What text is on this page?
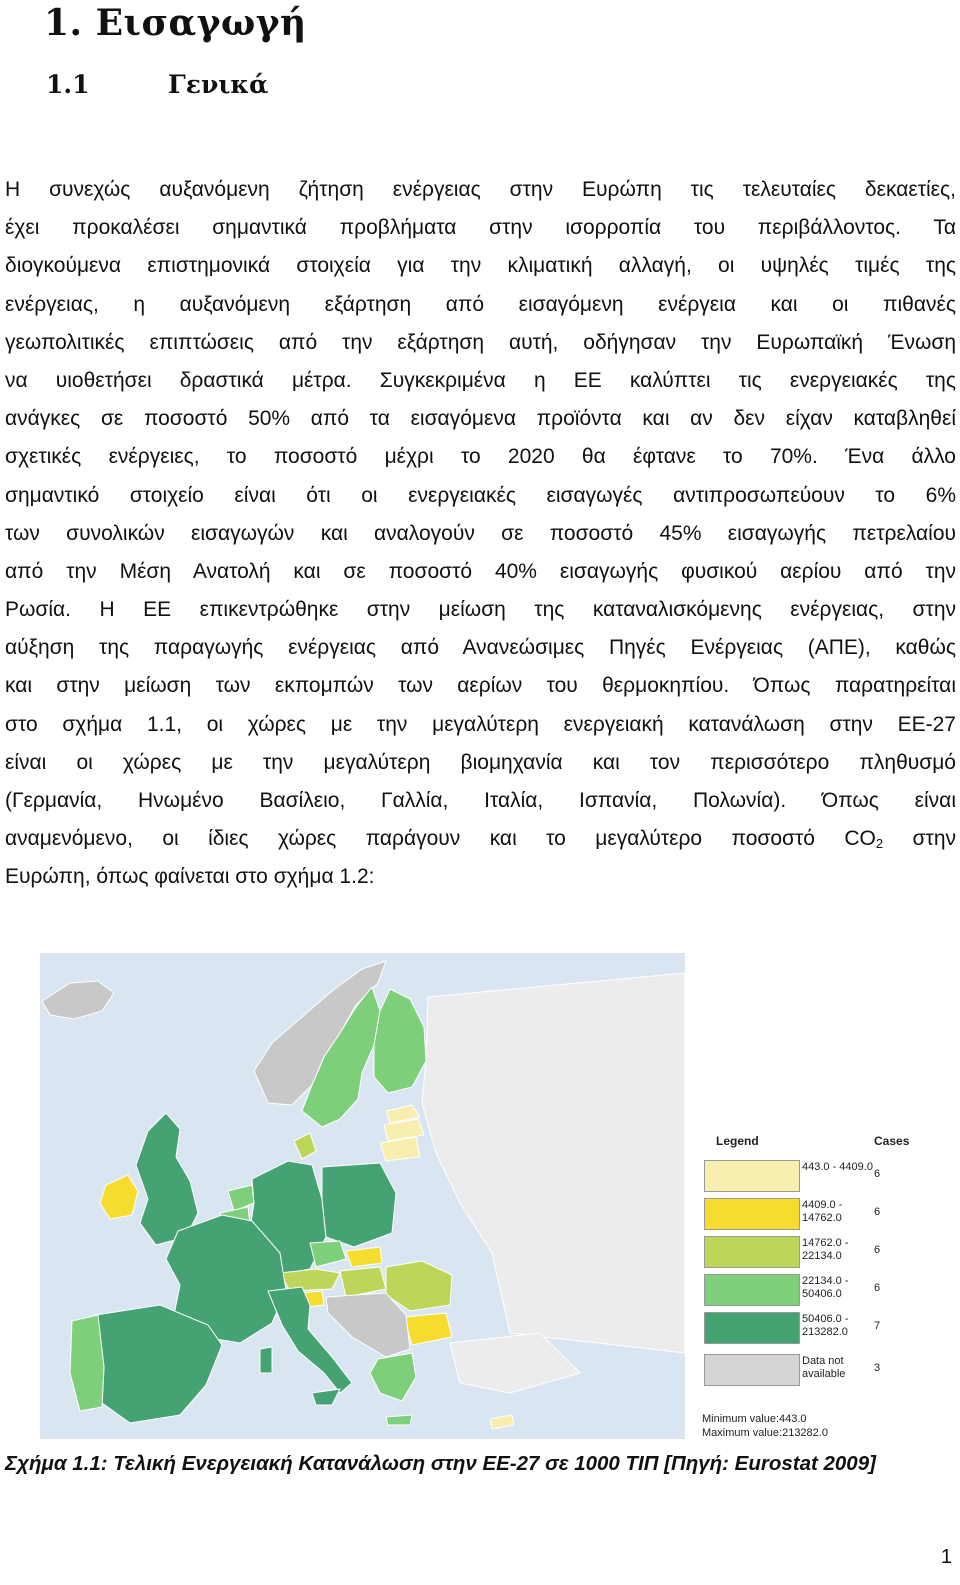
1. Εισαγωγή
1.1	Γενικά
Η συνεχώς αυξανόμενη ζήτηση ενέργειας στην Ευρώπη τις τελευταίες δεκαετίες,
έχει προκαλέσει σημαντικά προβλήματα στην ισορροπία του περιβάλλοντος. Τα
διογκούμενα επιστημονικά στοιχεία για την κλιματική αλλαγή, οι υψηλές τιμές της
ενέργειας, η αυξανόμενη εξάρτηση από εισαγόμενη ενέργεια και οι πιθανές
γεωπολιτικές επιπτώσεις από την εξάρτηση αυτή, οδήγησαν την Ευρωπαϊκή Ένωση
να υιοθετήσει δραστικά μέτρα. Συγκεκριμένα η ΕΕ καλύπτει τις ενεργειακές της
ανάγκες σε ποσοστό 50% από τα εισαγόμενα προϊόντα και αν δεν είχαν καταβληθεί
σχετικές ενέργειες, το ποσοστό μέχρι το 2020 θα έφτανε το 70%. Ένα άλλο
σημαντικό στοιχείο είναι ότι οι ενεργειακές εισαγωγές αντιπροσωπεύουν το 6%
των συνολικών εισαγωγών και αναλογούν σε ποσοστό 45% εισαγωγής πετρελαίου
από την Μέση Ανατολή και σε ποσοστό 40% εισαγωγής φυσικού αερίου από την
Ρωσία. Η ΕΕ επικεντρώθηκε στην μείωση της καταναλισκόμενης ενέργειας, στην
αύξηση της παραγωγής ενέργειας από Ανανεώσιμες Πηγές Ενέργειας (ΑΠΕ), καθώς
και στην μείωση των εκπομπών των αερίων του θερμοκηπίου. Όπως παρατηρείται
στο σχήμα 1.1, οι χώρες με την μεγαλύτερη ενεργειακή κατανάλωση στην ΕΕ-27
είναι οι χώρες με την μεγαλύτερη βιομηχανία και τον περισσότερο πληθυσμό
(Γερμανία, Ηνωμένο Βασίλειο, Γαλλία, Ιταλία, Ισπανία, Πολωνία). Όπως είναι
αναμενόμενο, οι ίδιες χώρες παράγουν και το μεγαλύτερο ποσοστό $CO_2$ στην
Ευρώπη, όπως φαίνεται στο σχήμα 1.2:
Legend	Cases
443.0 - 4409.0
6
4409.0 - 14762.0	6
14762.0 - 22134.0	6
22134.0 - 50406.0	6
50406.0 - 213282.0	7
Data not available	3
Minimum value:443.0
Maximum value:213282.0
Σχήμα 1.1: Τελική Ενεργειακή Κατανάλωση στην ΕΕ-27 σε 1000 ΤΙΠ [Πηγή: Eurostat 2009]
1
